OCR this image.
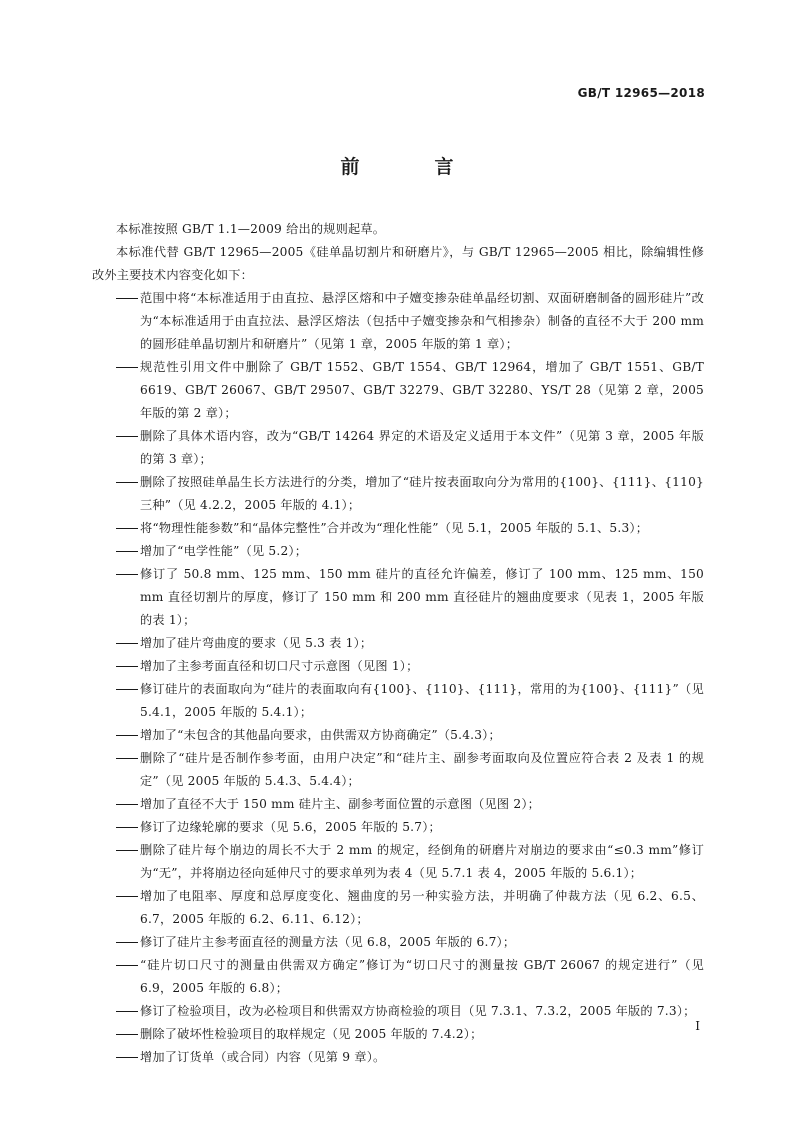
GB/T 12965—2018
前　言

本标准按照 GB/T 1.1—2009 给出的规则起草。

本标准代替 GB/T 12965—2005《硅单晶切割片和研磨片》，与 GB/T 12965—2005 相比，除编辑性修改外主要技术内容变化如下：

范围中将“本标准适用于由直拉、悬浮区熔和中子嬗变掺杂硅单晶经切割、双面研磨制备的圆形硅片”改为“本标准适用于由直拉法、悬浮区熔法（包括中子嬗变掺杂和气相掺杂）制备的直径不大于 200 mm 的圆形硅单晶切割片和研磨片”（见第 1 章，2005 年版的第 1 章）；
规范性引用文件中删除了 GB/T 1552、GB/T 1554、GB/T 12964，增加了 GB/T 1551、GB/T 6619、GB/T 26067、GB/T 29507、GB/T 32279、GB/T 32280、YS/T 28（见第 2 章，2005 年版的第 2 章）；
删除了具体术语内容，改为“GB/T 14264 界定的术语及定义适用于本文件”（见第 3 章，2005 年版的第 3 章）；
删除了按照硅单晶生长方法进行的分类，增加了“硅片按表面取向分为常用的{100}、{111}、{110}三种”（见 4.2.2，2005 年版的 4.1）；
将“物理性能参数”和“晶体完整性”合并改为“理化性能”（见 5.1，2005 年版的 5.1、5.3）；
增加了“电学性能”（见 5.2）；
修订了 50.8 mm、125 mm、150 mm 硅片的直径允许偏差，修订了 100 mm、125 mm、150 mm 直径切割片的厚度，修订了 150 mm 和 200 mm 直径硅片的翘曲度要求（见表 1，2005 年版的表 1）；
增加了硅片弯曲度的要求（见 5.3 表 1）；
增加了主参考面直径和切口尺寸示意图（见图 1）；
修订硅片的表面取向为“硅片的表面取向有{100}、{110}、{111}，常用的为{100}、{111}”（见 5.4.1，2005 年版的 5.4.1）；
增加了“未包含的其他晶向要求，由供需双方协商确定”（5.4.3）；
删除了“硅片是否制作参考面，由用户决定”和“硅片主、副参考面取向及位置应符合表 2 及表 1 的规定”（见 2005 年版的 5.4.3、5.4.4）；
增加了直径不大于 150 mm 硅片主、副参考面位置的示意图（见图 2）；
修订了边缘轮廓的要求（见 5.6，2005 年版的 5.7）；
删除了硅片每个崩边的周长不大于 2 mm 的规定，经倒角的研磨片对崩边的要求由“≤0.3 mm”修订为“无”，并将崩边径向延伸尺寸的要求单列为表 4（见 5.7.1 表 4，2005 年版的 5.6.1）；
增加了电阻率、厚度和总厚度变化、翘曲度的另一种实验方法，并明确了仲裁方法（见 6.2、6.5、6.7，2005 年版的 6.2、6.11、6.12）；
修订了硅片主参考面直径的测量方法（见 6.8，2005 年版的 6.7）；
“硅片切口尺寸的测量由供需双方确定”修订为“切口尺寸的测量按 GB/T 26067 的规定进行”（见 6.9，2005 年版的 6.8）；
修订了检验项目，改为必检项目和供需双方协商检验的项目（见 7.3.1、7.3.2，2005 年版的 7.3）；
删除了破坏性检验项目的取样规定（见 2005 年版的 7.4.2）；
增加了订货单（或合同）内容（见第 9 章）。
I
